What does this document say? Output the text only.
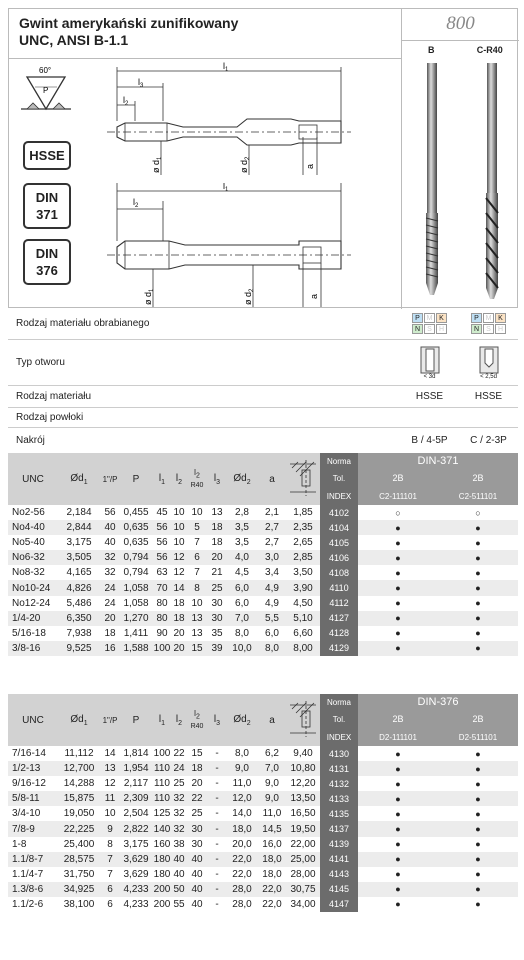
Gwint amerykański zunifikowany
UNC, ANSI B-1.1
800
B	C-R40
60°
P
HSSE
DIN
371
DIN
376
$l_1$
$l_3$
$l_2$
ø $d_1$
ø $d_2$
a
$l_1$
$l_2$
ø $d_1$
ø $d_2$
a
Rodzaj materiału obrabianego	P M K
N	S	H
P M K
N	S	H
Typ otworu
< 3d	< 2,5d
Rodzaj materiału	HSSE	HSSE
Rodzaj powłoki
Nakrój	B / 4-5P	C / 2-3P
UNC	$Ød_1$	1"/P	P	$l_1$	$l_2$	l2
R40	$l_3$	$Ød_2$	a		Norma	DIN-371	
											Tol.	2B	2B
											INDEX	C2-111101	C2-511101
No2-56	2,184	56	0,455	45	10	10	13	2,8	2,1	1,85	4102	○	○
No4-40	2,844	40	0,635	56	10	5	18	3,5	2,7	2,35	4104	●	●
No5-40	3,175	40	0,635	56	10	7	18	3,5	2,7	2,65	4105	●	●
No6-32	3,505	32	0,794	56	12	6	20	4,0	3,0	2,85	4106	●	●
No8-32	4,165	32	0,794	63	12	7	21	4,5	3,4	3,50	4108	●	●
No10-24	4,826	24	1,058	70	14	8	25	6,0	4,9	3,90	4110	●	●
No12-24	5,486	24	1,058	80	18	10	30	6,0	4,9	4,50	4112	●	●
1/4-20	6,350	20	1,270	80	18	13	30	7,0	5,5	5,10	4127	●	●
5/16-18	7,938	18	1,411	90	20	13	35	8,0	6,0	6,60	4128	●	●
3/8-16	9,525	16	1,588	100	20	15	39	10,0	8,0	8,00	4129	●	●
UNC	$Ød_1$	1"/P	P	$l_1$	$l_2$	l2
R40	$l_3$	$Ød_2$	a		Norma	DIN-376	
											Tol.	2B	2B
											INDEX	D2-111101	D2-511101
7/16-14	11,112	14	1,814	100	22	15	-	8,0	6,2	9,40	4130	●	●
1/2-13	12,700	13	1,954	110	24	18	-	9,0	7,0	10,80	4131	●	●
9/16-12	14,288	12	2,117	110	25	20	-	11,0	9,0	12,20	4132	●	●
5/8-11	15,875	11	2,309	110	32	22	-	12,0	9,0	13,50	4133	●	●
3/4-10	19,050	10	2,504	125	32	25	-	14,0	11,0	16,50	4135	●	●
7/8-9	22,225	9	2,822	140	32	30	-	18,0	14,5	19,50	4137	●	●
1-8	25,400	8	3,175	160	38	30	-	20,0	16,0	22,00	4139	●	●
1.1/8-7	28,575	7	3,629	180	40	40	-	22,0	18,0	25,00	4141	●	●
1.1/4-7	31,750	7	3,629	180	40	40	-	22,0	18,0	28,00	4143	●	●
1.3/8-6	34,925	6	4,233	200	50	40	-	28,0	22,0	30,75	4145	●	●
1.1/2-6	38,100	6	4,233	200	55	40	-	28,0	22,0	34,00	4147	●	●
